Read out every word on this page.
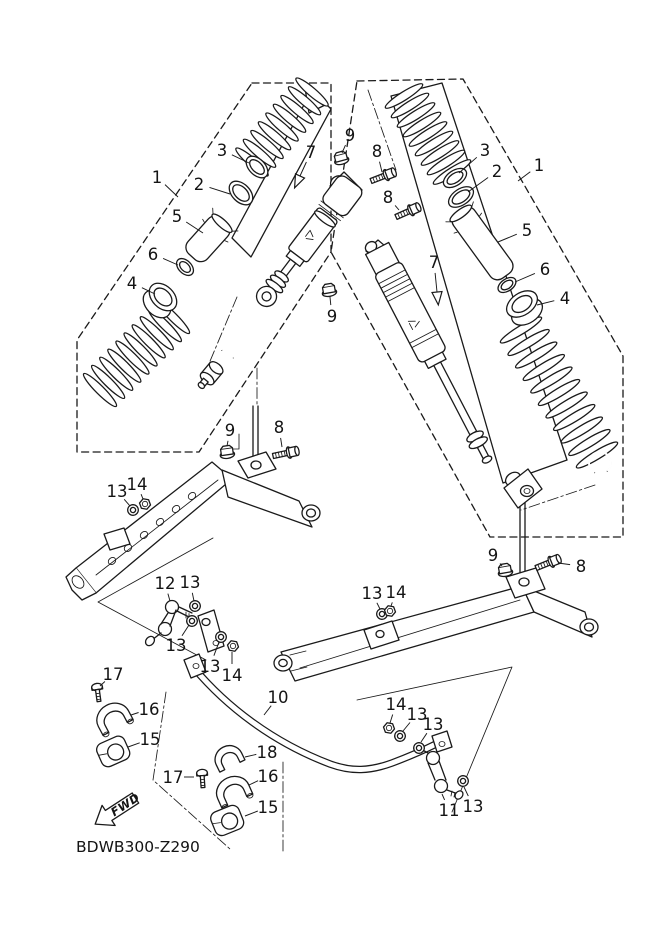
FWD
BDWB300-Z290
1 2
3
5
6
4
9
7	8
8
3
2 1
5
6
4
7
9
9 8
13 14
12 13
13
13 14
9
8
13 14
14
13
13
11 13
10
17
16
15
18
17	16
15
